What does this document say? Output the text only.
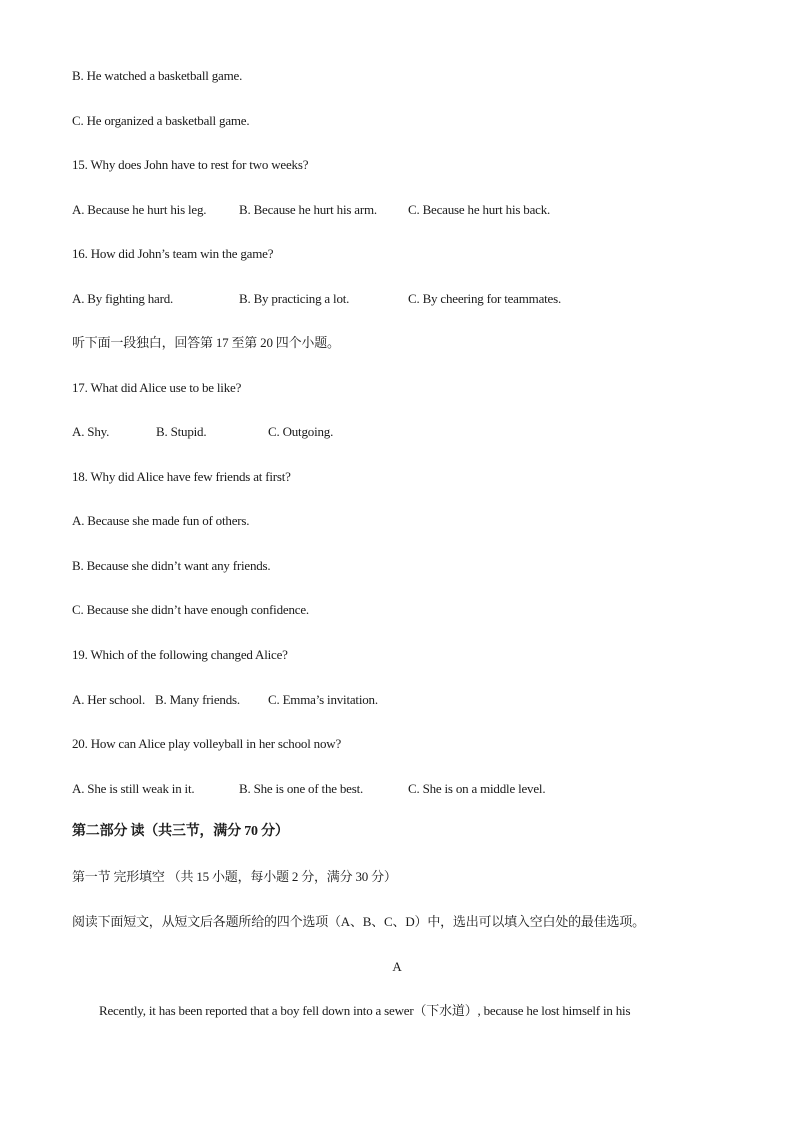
B. He watched a basketball game.
C. He organized a basketball game.
15. Why does John have to rest for two weeks?
A. Because he hurt his leg.	B. Because he hurt his arm. C. Because he hurt his back.
16. How did John’s team win the game?
A. By fighting hard.	B. By practicing a lot.	C. By cheering for teammates.
听下面一段独白，回答第 17 至第 20 四个小题。
17. What did Alice use to be like?
A. Shy.	B. Stupid.	C. Outgoing.
18. Why did Alice have few friends at first?
A. Because she made fun of others.
B. Because she didn’t want any friends.
C. Because she didn’t have enough confidence.
19. Which of the following changed Alice?
A. Her school. B. Many friends. C. Emma’s invitation.
20. How can Alice play volleyball in her school now?
A. She is still weak in it.	B. She is one of the best.	C. She is on a middle level.
第二部分 读（共三节，满分 70 分）
第一节 完形填空 （共 15 小题，每小题 2 分，满分 30 分）
阅读下面短文，从短文后各题所给的四个选项（A、B、C、D）中，选出可以填入空白处的最佳选项。
A
Recently, it has been reported that a boy fell down into a sewer（下水道）, because he lost himself in his
